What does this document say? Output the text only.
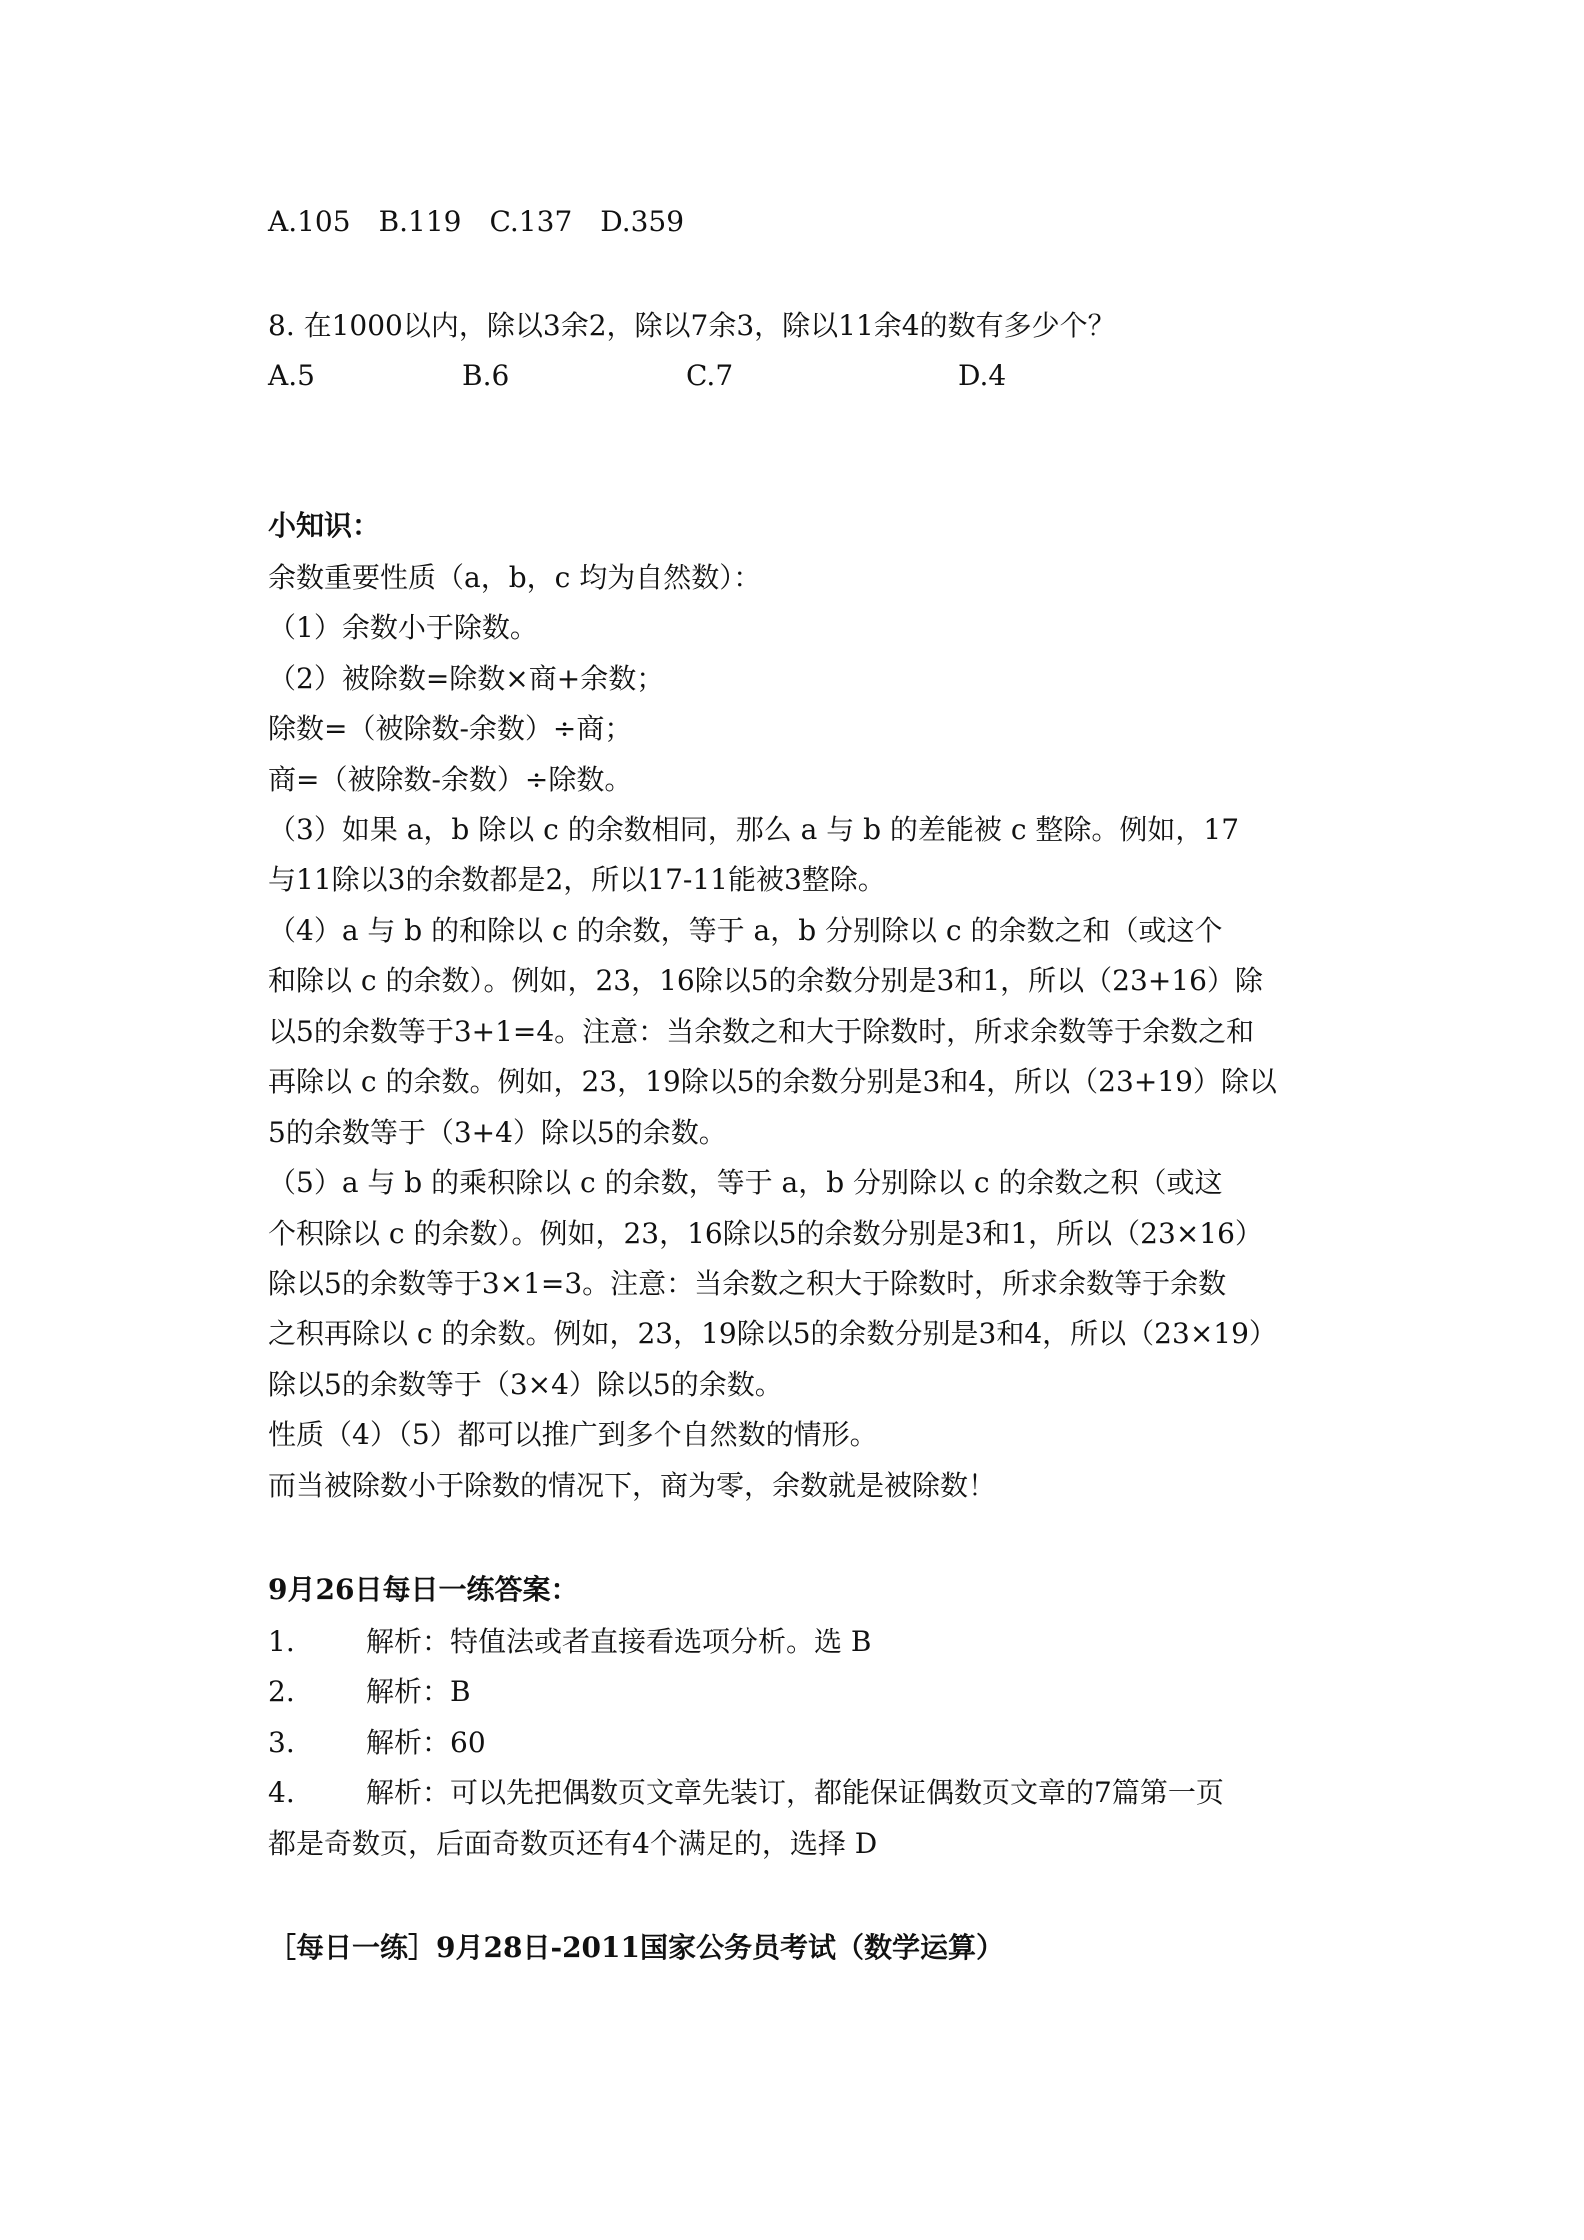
A.105　B.119　C.137　D.359
8. 在1000以内，除以3余2，除以7余3，除以11余4的数有多少个？
A.5	B.6	C.7	D.4
小知识：
余数重要性质（a，b，c 均为自然数）：
（1）余数小于除数。
（2）被除数=除数×商+余数；
除数=（被除数-余数）÷商；
商=（被除数-余数）÷除数。
（3）如果 a，b 除以 c 的余数相同，那么 a 与 b 的差能被 c 整除。例如，17
与11除以3的余数都是2，所以17-11能被3整除。
（4）a 与 b 的和除以 c 的余数，等于 a，b 分别除以 c 的余数之和（或这个
和除以 c 的余数）。例如，23，16除以5的余数分别是3和1，所以（23+16）除
以5的余数等于3+1=4。注意：当余数之和大于除数时，所求余数等于余数之和
再除以 c 的余数。例如，23，19除以5的余数分别是3和4，所以（23+19）除以
5的余数等于（3+4）除以5的余数。
（5）a 与 b 的乘积除以 c 的余数，等于 a，b 分别除以 c 的余数之积（或这
个积除以 c 的余数）。例如，23，16除以5的余数分别是3和1，所以（23×16）
除以5的余数等于3×1=3。注意：当余数之积大于除数时，所求余数等于余数
之积再除以 c 的余数。例如，23，19除以5的余数分别是3和4，所以（23×19）
除以5的余数等于（3×4）除以5的余数。
性质（4）（5）都可以推广到多个自然数的情形。
而当被除数小于除数的情况下，商为零，余数就是被除数！
9月26日每日一练答案：
1.	解析：特值法或者直接看选项分析。选 B
2.	解析：B
3.	解析：60
4.	解析：可以先把偶数页文章先装订，都能保证偶数页文章的7篇第一页
都是奇数页，后面奇数页还有4个满足的，选择 D
［每日一练］9月28日-2011国家公务员考试（数学运算）
